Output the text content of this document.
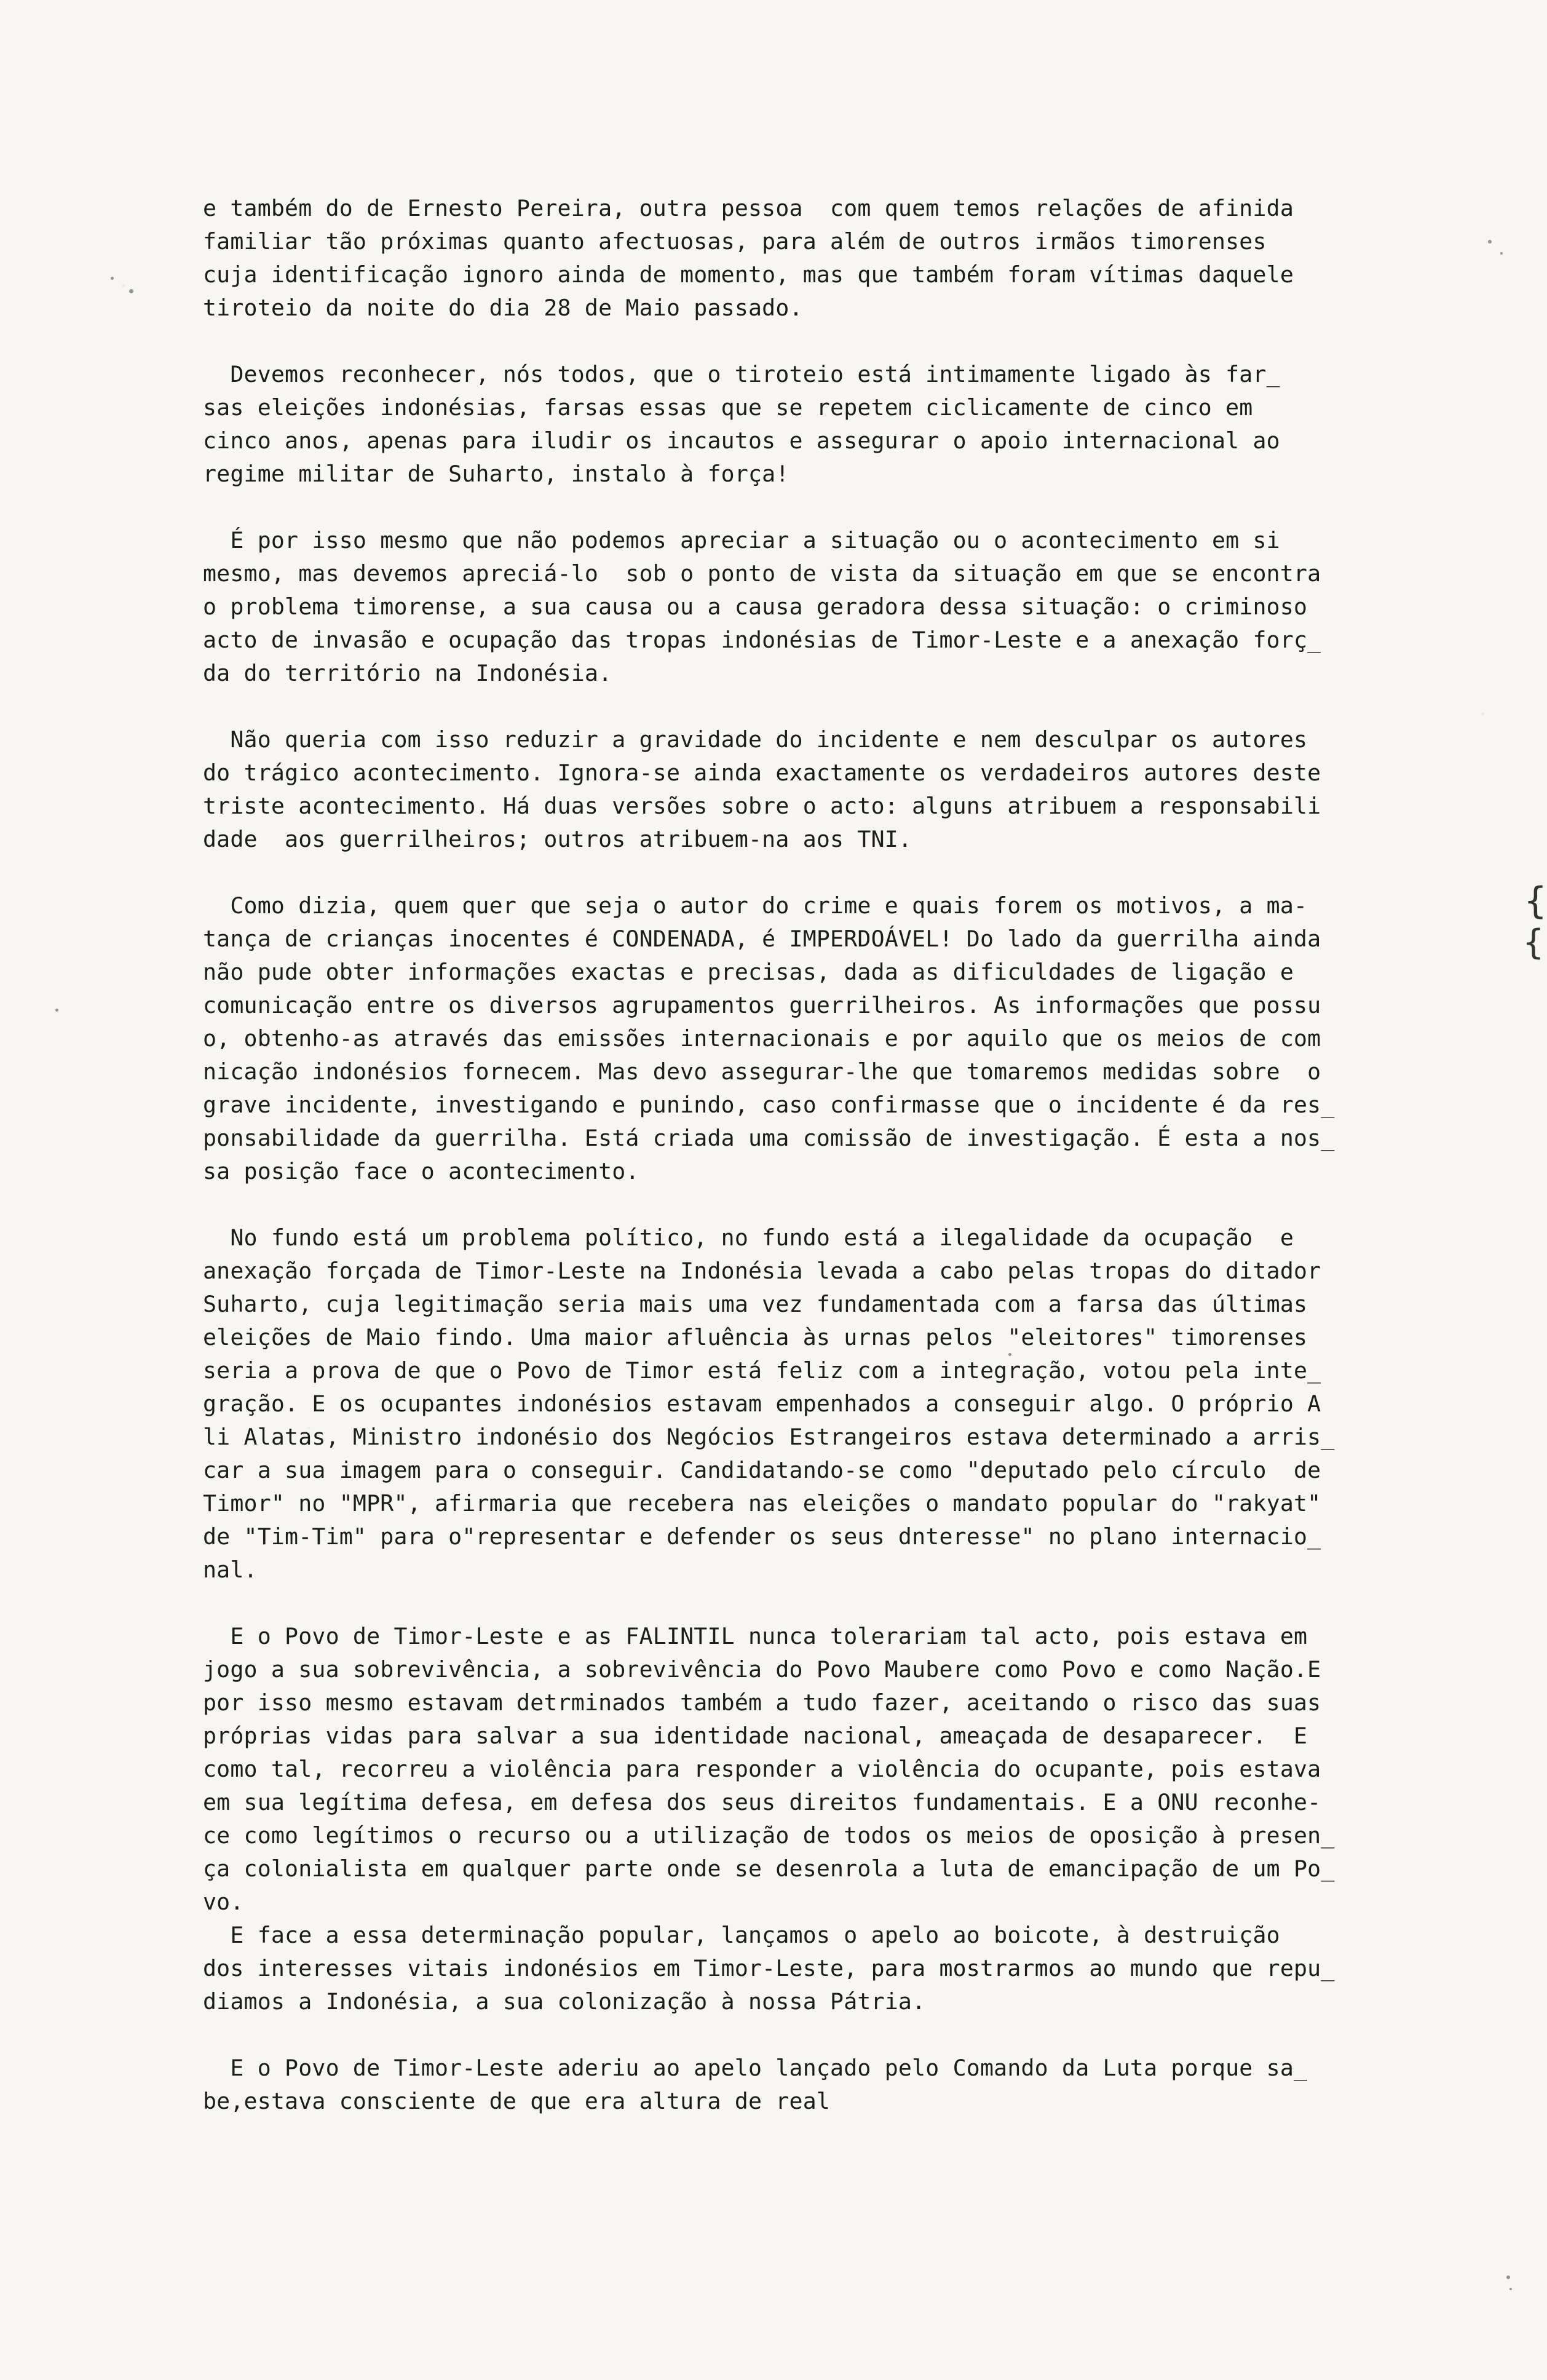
e também do de Ernesto Pereira, outra pessoa  com quem temos relações de afinida
familiar tão próximas quanto afectuosas, para além de outros irmãos timorenses
cuja identificação ignoro ainda de momento, mas que também foram vítimas daquele
tiroteio da noite do dia 28 de Maio passado.
Devemos reconhecer, nós todos, que o tiroteio está intimamente ligado às far_
sas eleições indonésias, farsas essas que se repetem ciclicamente de cinco em
cinco anos, apenas para iludir os incautos e assegurar o apoio internacional ao
regime militar de Suharto, instalo à força!
É por isso mesmo que não podemos apreciar a situação ou o acontecimento em si
mesmo, mas devemos apreciá-lo  sob o ponto de vista da situação em que se encontra
o problema timorense, a sua causa ou a causa geradora dessa situação: o criminoso
acto de invasão e ocupação das tropas indonésias de Timor-Leste e a anexação forç_
da do território na Indonésia.
Não queria com isso reduzir a gravidade do incidente e nem desculpar os autores
do trágico acontecimento. Ignora-se ainda exactamente os verdadeiros autores deste
triste acontecimento. Há duas versões sobre o acto: alguns atribuem a responsabili
dade  aos guerrilheiros; outros atribuem-na aos TNI.
Como dizia, quem quer que seja o autor do crime e quais forem os motivos, a ma-
tança de crianças inocentes é CONDENADA, é IMPERDOÁVEL! Do lado da guerrilha ainda
não pude obter informações exactas e precisas, dada as dificuldades de ligação e
comunicação entre os diversos agrupamentos guerrilheiros. As informações que possu
o, obtenho-as através das emissões internacionais e por aquilo que os meios de com
nicação indonésios fornecem. Mas devo assegurar-lhe que tomaremos medidas sobre  o
grave incidente, investigando e punindo, caso confirmasse que o incidente é da res_
ponsabilidade da guerrilha. Está criada uma comissão de investigação. É esta a nos_
sa posição face o acontecimento.
No fundo está um problema político, no fundo está a ilegalidade da ocupação  e
anexação forçada de Timor-Leste na Indonésia levada a cabo pelas tropas do ditador
Suharto, cuja legitimação seria mais uma vez fundamentada com a farsa das últimas
eleições de Maio findo. Uma maior afluência às urnas pelos "eleitores" timorenses
seria a prova de que o Povo de Timor está feliz com a integração, votou pela inte_
gração. E os ocupantes indonésios estavam empenhados a conseguir algo. O próprio A
li Alatas, Ministro indonésio dos Negócios Estrangeiros estava determinado a arris_
car a sua imagem para o conseguir. Candidatando-se como "deputado pelo círculo  de
Timor" no "MPR", afirmaria que recebera nas eleições o mandato popular do "rakyat"
de "Tim-Tim" para o"representar e defender os seus dnteresse" no plano internacio_
nal.
E o Povo de Timor-Leste e as FALINTIL nunca tolerariam tal acto, pois estava em
jogo a sua sobrevivência, a sobrevivência do Povo Maubere como Povo e como Nação.E
por isso mesmo estavam detrminados também a tudo fazer, aceitando o risco das suas
próprias vidas para salvar a sua identidade nacional, ameaçada de desaparecer.  E
como tal, recorreu a violência para responder a violência do ocupante, pois estava
em sua legítima defesa, em defesa dos seus direitos fundamentais. E a ONU reconhe-
ce como legítimos o recurso ou a utilização de todos os meios de oposição à presen_
ça colonialista em qualquer parte onde se desenrola a luta de emancipação de um Po_
vo.
E face a essa determinação popular, lançamos o apelo ao boicote, à destruição
dos interesses vitais indonésios em Timor-Leste, para mostrarmos ao mundo que repu_
diamos a Indonésia, a sua colonização à nossa Pátria.
E o Povo de Timor-Leste aderiu ao apelo lançado pelo Comando da Luta porque sa_
be,estava consciente de que era altura de real
{
{
